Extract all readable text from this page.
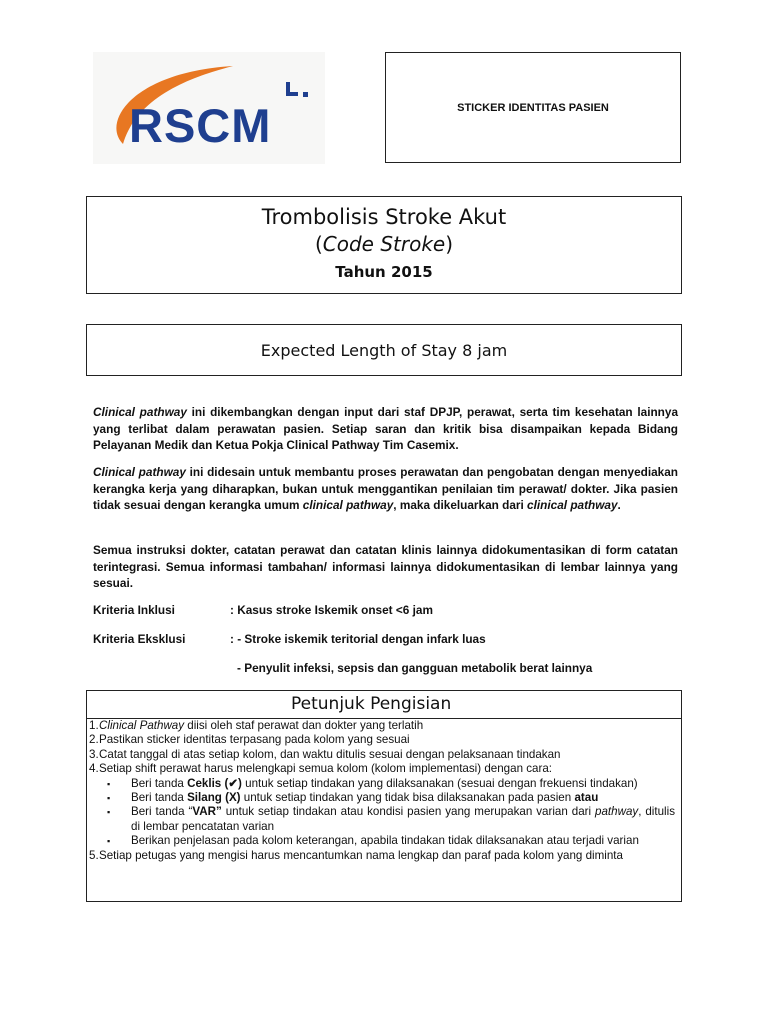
RSCM	STICKER IDENTITAS PASIEN
Trombolisis Stroke Akut
(Code Stroke)
Tahun 2015
Expected Length of Stay 8 jam
Clinical pathway ini dikembangkan dengan input dari staf DPJP, perawat, serta tim kesehatan lainnya yang terlibat dalam perawatan pasien. Setiap saran dan kritik bisa disampaikan kepada Bidang Pelayanan Medik dan Ketua Pokja Clinical Pathway Tim Casemix.
Clinical pathway ini didesain untuk membantu proses perawatan dan pengobatan dengan menyediakan kerangka kerja yang diharapkan, bukan untuk menggantikan penilaian tim perawat/ dokter. Jika pasien tidak sesuai dengan kerangka umum clinical pathway, maka dikeluarkan dari clinical pathway.
Semua instruksi dokter, catatan perawat dan catatan klinis lainnya didokumentasikan di form catatan terintegrasi. Semua informasi tambahan/ informasi lainnya didokumentasikan di lembar lainnya yang sesuai.
Kriteria Inklusi	: Kasus stroke Iskemik onset <6 jam
Kriteria Eksklusi	: - Stroke iskemik teritorial dengan infark luas
- Penyulit infeksi, sepsis dan gangguan metabolik berat lainnya
Petunjuk Pengisian
1. Clinical Pathway diisi oleh staf perawat dan dokter yang terlatih
2. Pastikan sticker identitas terpasang pada kolom yang sesuai
3. Catat tanggal di atas setiap kolom, dan waktu ditulis sesuai dengan pelaksanaan tindakan
4. Setiap shift perawat harus melengkapi semua kolom (kolom implementasi) dengan cara:
▪	Beri tanda Ceklis (✔) untuk setiap tindakan yang dilaksanakan (sesuai dengan frekuensi tindakan)
▪	Beri tanda Silang (X) untuk setiap tindakan yang tidak bisa dilaksanakan pada pasien atau
▪	Beri tanda “VAR” untuk setiap tindakan atau kondisi pasien yang merupakan varian dari pathway, ditulis di lembar pencatatan varian
▪	Berikan penjelasan pada kolom keterangan, apabila tindakan tidak dilaksanakan atau terjadi varian
5. Setiap petugas yang mengisi harus mencantumkan nama lengkap dan paraf pada kolom yang diminta
